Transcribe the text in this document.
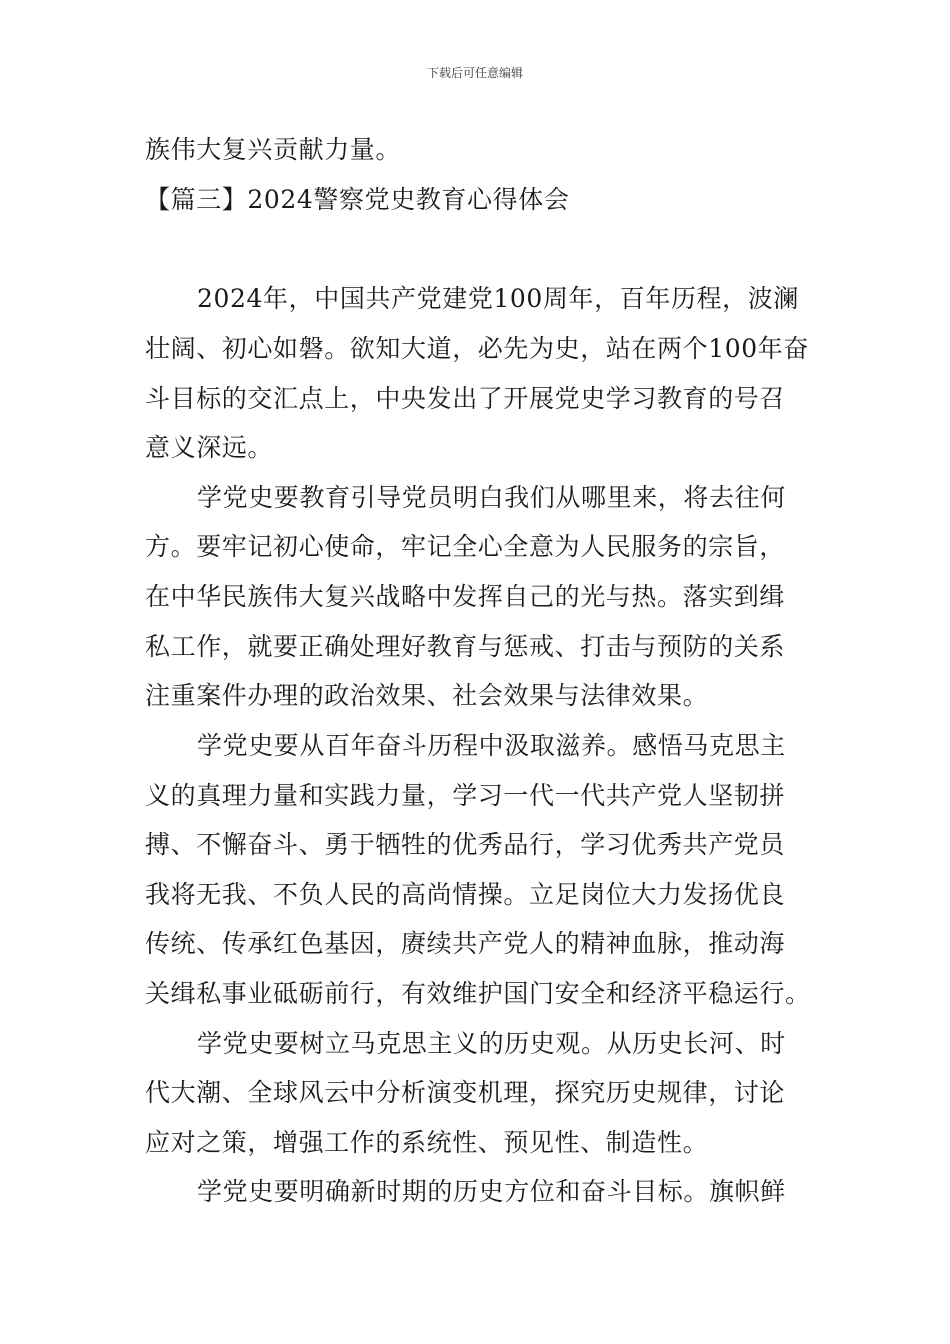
下载后可任意编辑
族伟大复兴贡献力量。
【篇三】2024警察党史教育心得体会
2024年，中国共产党建党100周年，百年历程，波澜
壮阔、初心如磐。欲知大道，必先为史，站在两个100年奋
斗目标的交汇点上，中央发出了开展党史学习教育的号召
意义深远。
学党史要教育引导党员明白我们从哪里来，将去往何
方。要牢记初心使命，牢记全心全意为人民服务的宗旨，
在中华民族伟大复兴战略中发挥自己的光与热。落实到缉
私工作，就要正确处理好教育与惩戒、打击与预防的关系
注重案件办理的政治效果、社会效果与法律效果。
学党史要从百年奋斗历程中汲取滋养。感悟马克思主
义的真理力量和实践力量，学习一代一代共产党人坚韧拼
搏、不懈奋斗、勇于牺牲的优秀品行，学习优秀共产党员
我将无我、不负人民的高尚情操。立足岗位大力发扬优良
传统、传承红色基因，赓续共产党人的精神血脉，推动海
关缉私事业砥砺前行，有效维护国门安全和经济平稳运行。
学党史要树立马克思主义的历史观。从历史长河、时
代大潮、全球风云中分析演变机理，探究历史规律，讨论
应对之策，增强工作的系统性、预见性、制造性。
学党史要明确新时期的历史方位和奋斗目标。旗帜鲜
